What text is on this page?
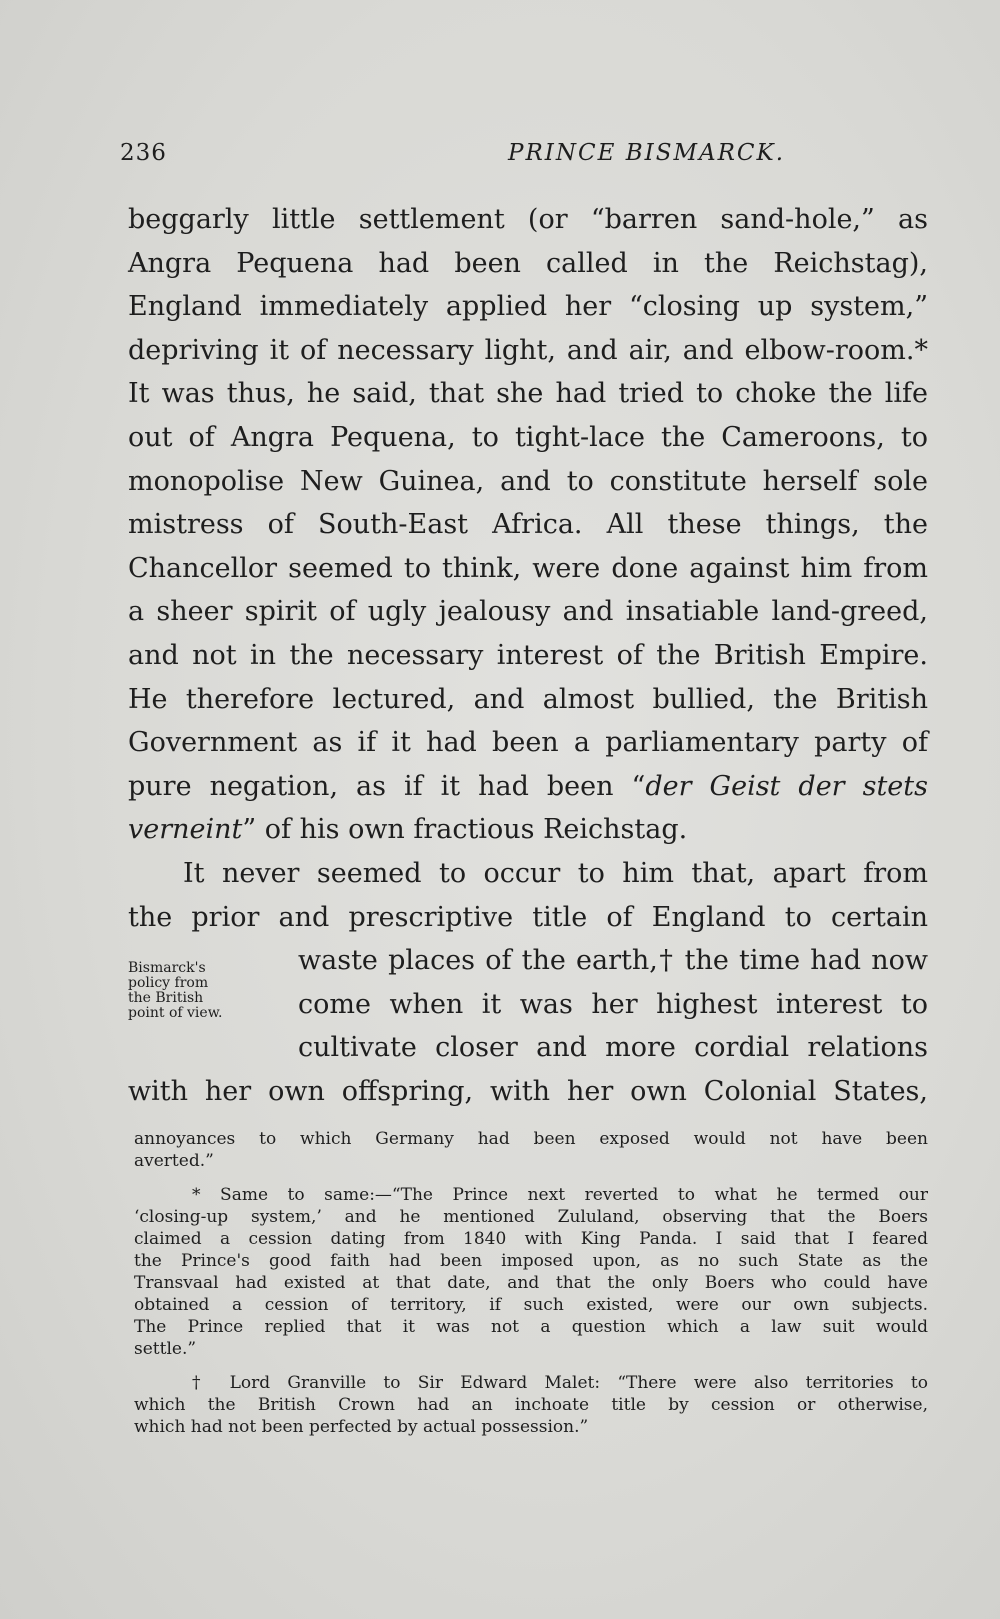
236	PRINCE BISMARCK.
beggarly little settlement (or “barren sand-hole,” as
Angra Pequena had been called in the Reichstag),
England immediately applied her “closing up system,”
depriving it of necessary light, and air, and elbow-room.*
It was thus, he said, that she had tried to choke the life
out of Angra Pequena, to tight-lace the Cameroons, to
monopolise New Guinea, and to constitute herself sole
mistress of South-East Africa. All these things, the
Chancellor seemed to think, were done against him from
a sheer spirit of ugly jealousy and insatiable land-greed,
and not in the necessary interest of the British Empire.
He therefore lectured, and almost bullied, the British
Government as if it had been a parliamentary party of
pure negation, as if it had been “der Geist der stets
verneint” of his own fractious Reichstag.
It never seemed to occur to him that, apart from
the prior and prescriptive title of England to certain
Bismarck's
policy from
the British
point of view.
waste places of the earth,† the time had now
come when it was her highest interest to
cultivate closer and more cordial relations
with her own offspring, with her own Colonial States,
annoyances to which Germany had been exposed would not have been
averted.”
* Same to same:—“The Prince next reverted to what he termed our
‘closing-up system,’ and he mentioned Zululand, observing that the Boers
claimed a cession dating from 1840 with King Panda. I said that I feared
the Prince's good faith had been imposed upon, as no such State as the
Transvaal had existed at that date, and that the only Boers who could have
obtained a cession of territory, if such existed, were our own subjects.
The Prince replied that it was not a question which a law suit would
settle.”
† Lord Granville to Sir Edward Malet: “There were also territories to
which the British Crown had an inchoate title by cession or otherwise,
which had not been perfected by actual possession.”
